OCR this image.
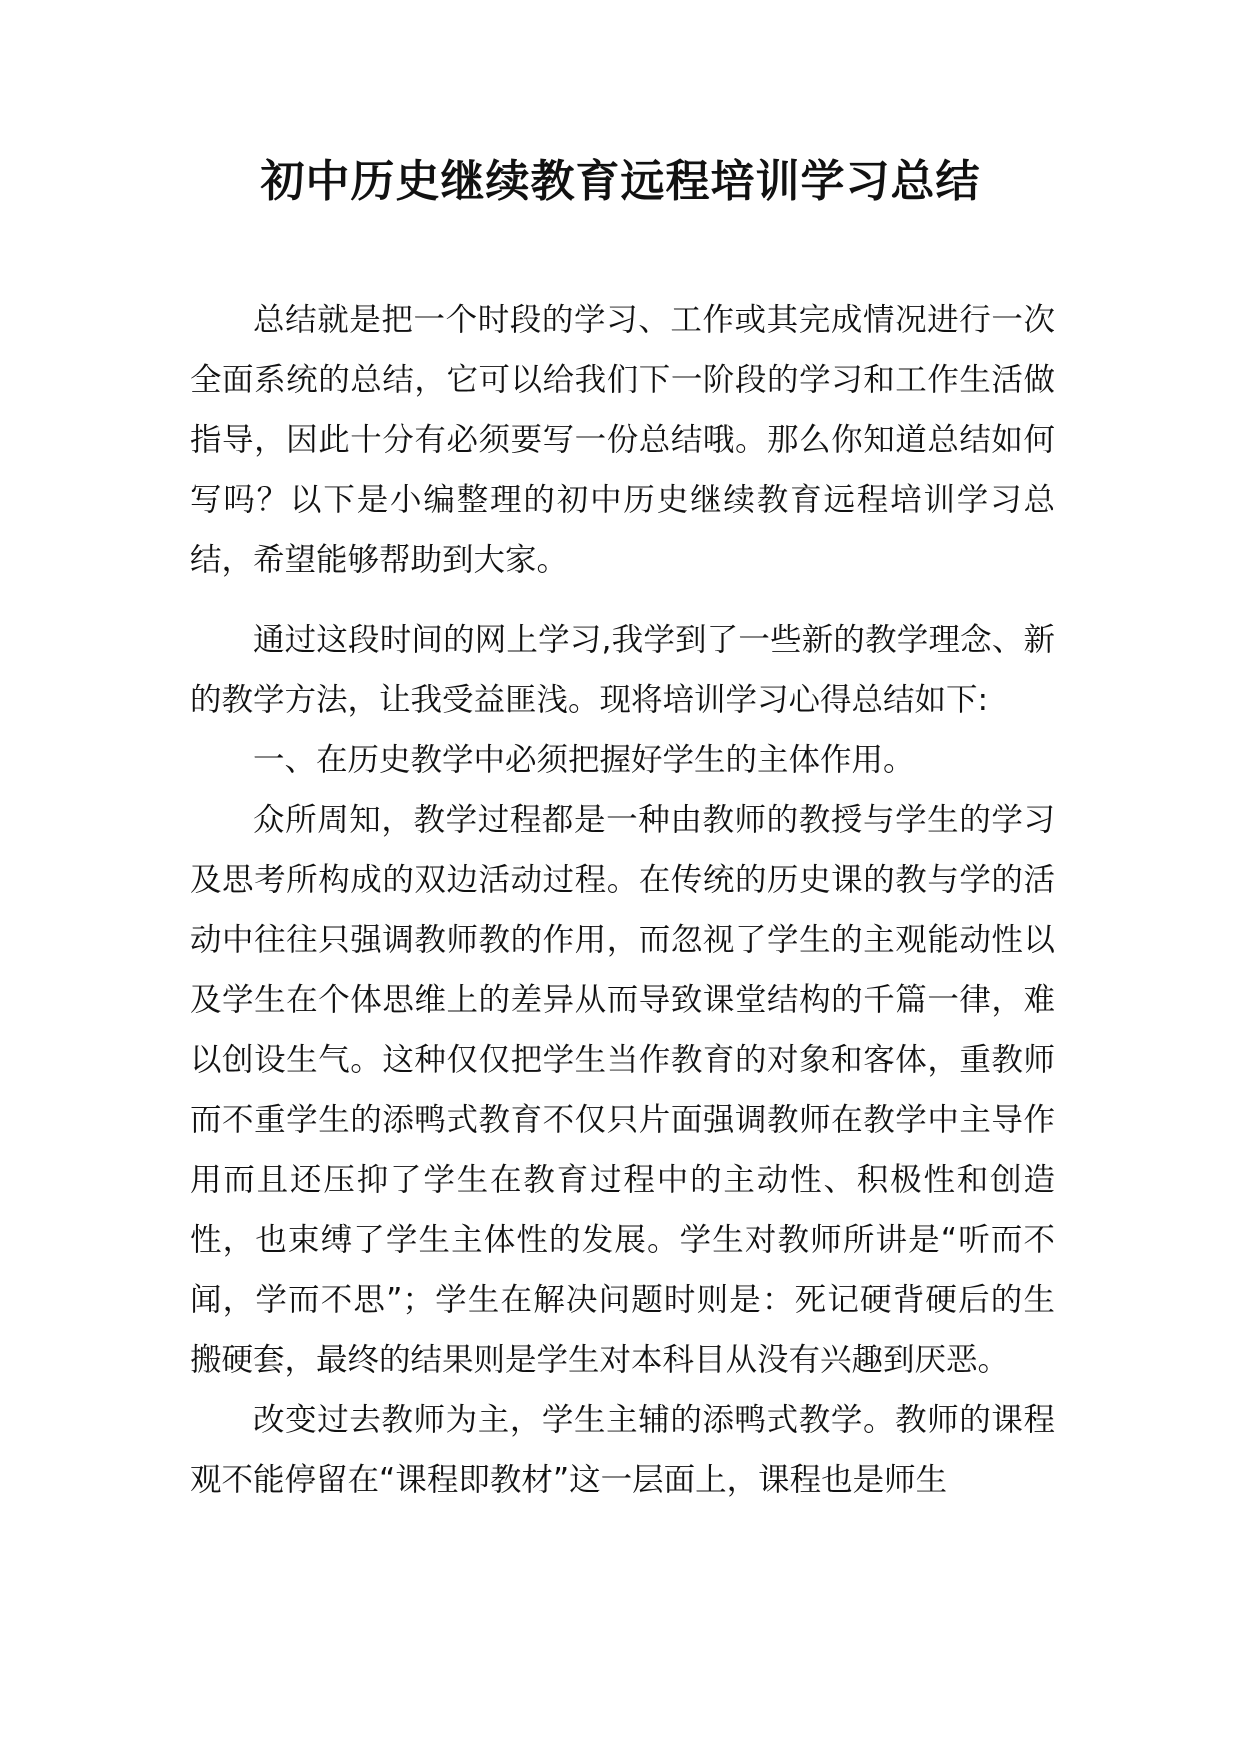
初中历史继续教育远程培训学习总结

总结就是把一个时段的学习、工作或其完成情况进行一次全面系统的总结，它可以给我们下一阶段的学习和工作生活做指导，因此十分有必须要写一份总结哦。那么你知道总结如何写吗？以下是小编整理的初中历史继续教育远程培训学习总结，希望能够帮助到大家。

通过这段时间的网上学习,我学到了一些新的教学理念、新的教学方法，让我受益匪浅。现将培训学习心得总结如下:

一、在历史教学中必须把握好学生的主体作用。

众所周知，教学过程都是一种由教师的教授与学生的学习及思考所构成的双边活动过程。在传统的历史课的教与学的活动中往往只强调教师教的作用，而忽视了学生的主观能动性以及学生在个体思维上的差异从而导致课堂结构的千篇一律，难以创设生气。这种仅仅把学生当作教育的对象和客体，重教师而不重学生的添鸭式教育不仅只片面强调教师在教学中主导作用而且还压抑了学生在教育过程中的主动性、积极性和创造性，也束缚了学生主体性的发展。学生对教师所讲是“听而不闻，学而不思”；学生在解决问题时则是：死记硬背硬后的生搬硬套，最终的结果则是学生对本科目从没有兴趣到厌恶。

改变过去教师为主，学生主辅的添鸭式教学。教师的课程观不能停留在“课程即教材”这一层面上，课程也是师生
